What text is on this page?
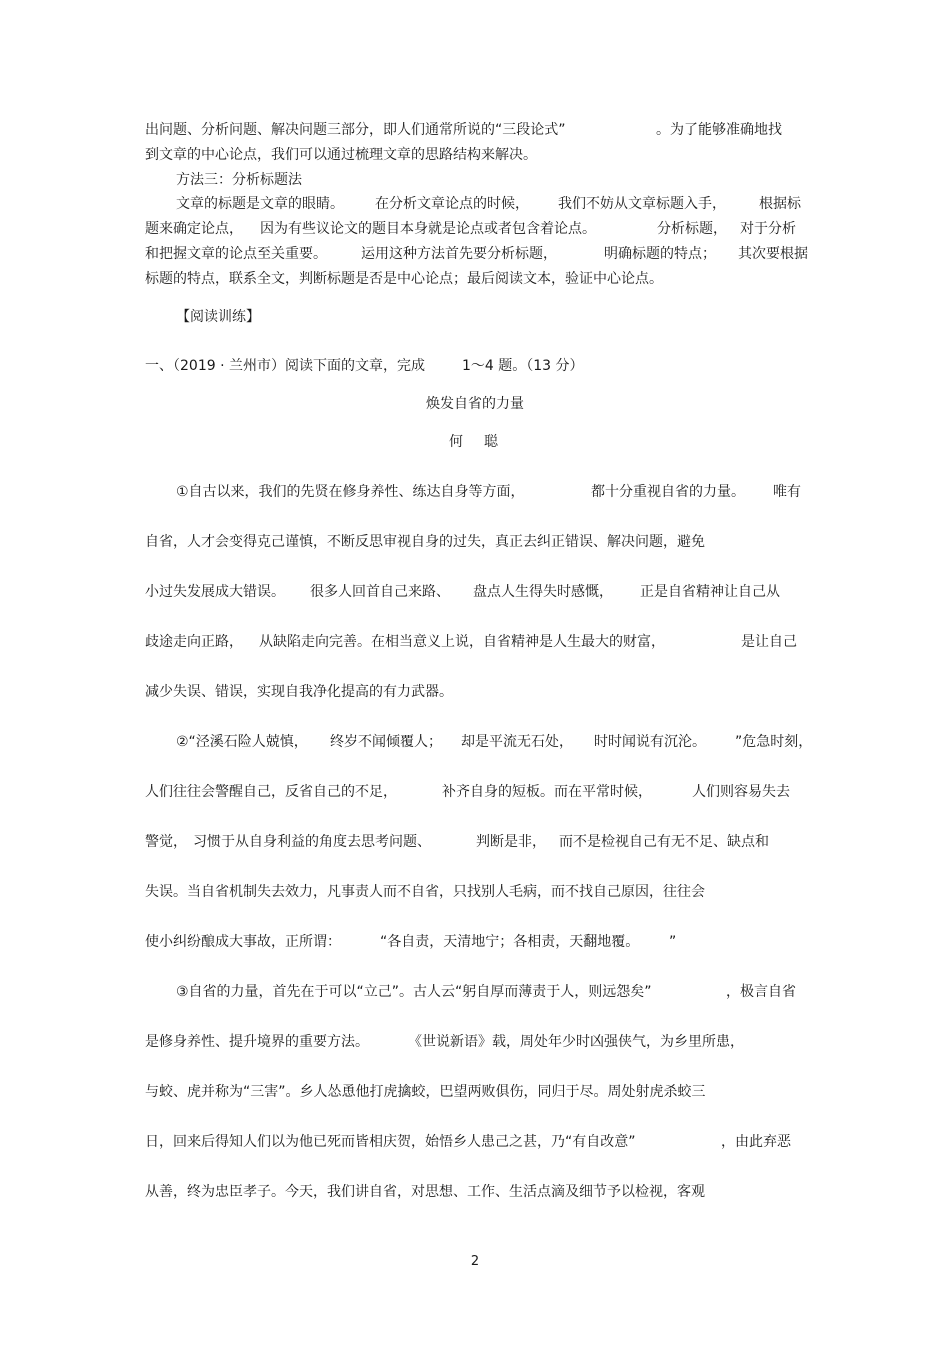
出问题、分析问题、解决问题三部分，即人们通常所说的“三段论式”	。为了能够准确地找
到文章的中心论点，我们可以通过梳理文章的思路结构来解决。
方法三：分析标题法
文章的标题是文章的眼睛。 在分析文章论点的时候， 我们不妨从文章标题入手， 根据标
题来确定论点， 因为有些议论文的题目本身就是论点或者包含着论点。	分析标题， 对于分析
和把握文章的论点至关重要。 运用这种方法首先要分析标题，	明确标题的特点； 其次要根据
标题的特点，联系全文，判断标题是否是中心论点；最后阅读文本，验证中心论点。
【阅读训练】
一、（2019 · 兰州市）阅读下面的文章，完成	1～4 题。（13 分）
焕发自省的力量
何 聪
①自古以来，我们的先贤在修身养性、练达自身等方面，	都十分重视自省的力量。 唯有
自省，人才会变得克己谨慎，不断反思审视自身的过失，真正去纠正错误、解决问题，避免
小过失发展成大错误。 很多人回首自己来路、 盘点人生得失时感慨， 正是自省精神让自己从
歧途走向正路， 从缺陷走向完善。在相当意义上说，自省精神是人生最大的财富，	是让自己
减少失误、错误，实现自我净化提高的有力武器。
②“泾溪石险人兢慎， 终岁不闻倾覆人； 却是平流无石处， 时时闻说有沉沦。 ”危急时刻，
人们往往会警醒自己，反省自己的不足，	补齐自身的短板。而在平常时候，	人们则容易失去
警觉， 习惯于从自身利益的角度去思考问题、	判断是非， 而不是检视自己有无不足、缺点和
失误。当自省机制失去效力，凡事责人而不自省，只找别人毛病，而不找自己原因，往往会
使小纠纷酿成大事故，正所谓：	“各自责，天清地宁；各相责，天翻地覆。 ”
③自省的力量，首先在于可以“立己”。古人云“躬自厚而薄责于人，则远怨矣”	，极言自省
是修身养性、提升境界的重要方法。	《世说新语》载，周处年少时凶强侠气，为乡里所患，
与蛟、虎并称为“三害”。乡人怂恿他打虎擒蛟，巴望两败俱伤，同归于尽。周处射虎杀蛟三
日，回来后得知人们以为他已死而皆相庆贺，始悟乡人患己之甚，乃“有自改意”	，由此弃恶
从善，终为忠臣孝子。今天，我们讲自省，对思想、工作、生活点滴及细节予以检视，客观
2
